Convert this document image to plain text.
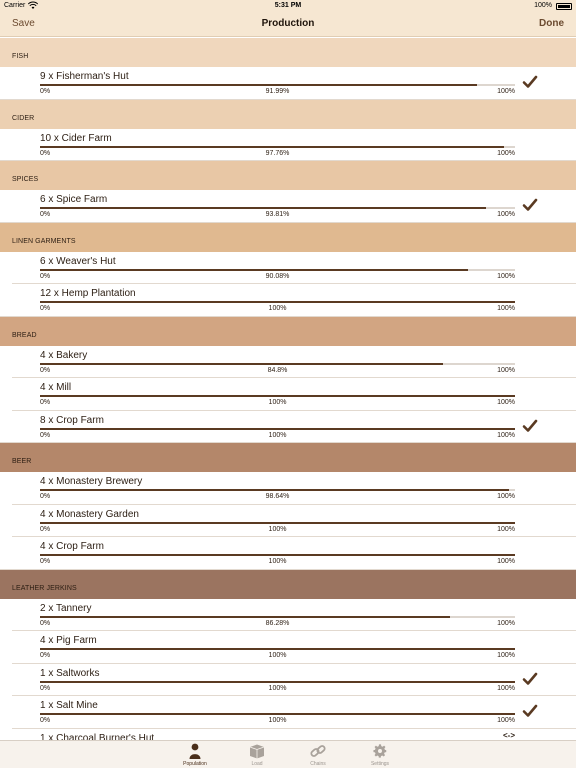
Carrier	5:31 PM	100%
Save	Production	Done
FISH
9 x Fisherman's Hut
0%	91.99%	100%
CIDER
10 x Cider Farm
0%	97.76%	100%
SPICES
6 x Spice Farm
0%	93.81%	100%
LINEN GARMENTS
6 x Weaver's Hut
0%	90.08%	100%
12 x Hemp Plantation
0%	100%	100%
BREAD
4 x Bakery
0%	84.8%	100%
4 x Mill
0%	100%	100%
8 x Crop Farm
0%	100%	100%
BEER
4 x Monastery Brewery
0%	98.64%	100%
4 x Monastery Garden
0%	100%	100%
4 x Crop Farm
0%	100%	100%
LEATHER JERKINS
2 x Tannery
0%	86.28%	100%
4 x Pig Farm
0%	100%	100%
1 x Saltworks
0%	100%	100%
1 x Salt Mine
0%	100%	100%
1 x Charcoal Burner's Hut	<->
Population	Load	Chains	Settings
